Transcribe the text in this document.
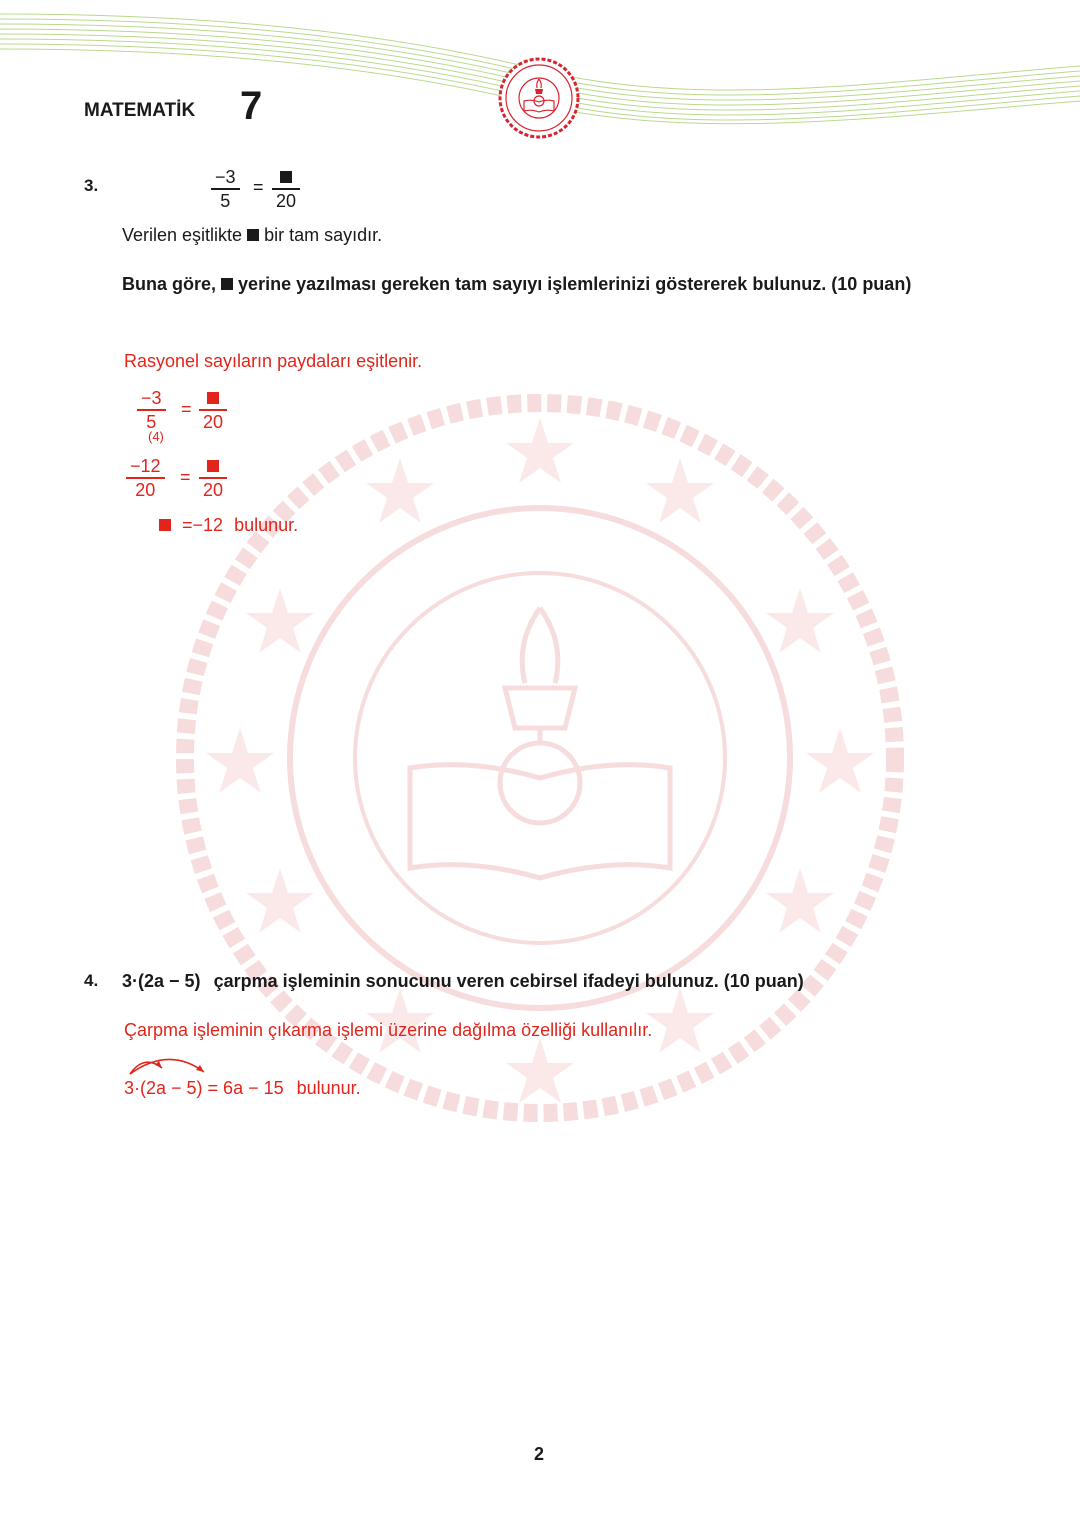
MATEMATİK 7
3.	−3
5
=
20
Verilen eşitlikte bir tam sayıdır.
Buna göre, yerine yazılması gereken tam sayıyı işlemlerinizi göstererek bulunuz. (10 puan)
Rasyonel sayıların paydaları eşitlenir.
−3
5
(4)
=
20
−12
20
=
20
=−12 bulunur.
4. 3·(2a − 5) çarpma işleminin sonucunu veren cebirsel ifadeyi bulunuz. (10 puan)
Çarpma işleminin çıkarma işlemi üzerine dağılma özelliği kullanılır.
3·(2a − 5) = 6a − 15 bulunur.
2
